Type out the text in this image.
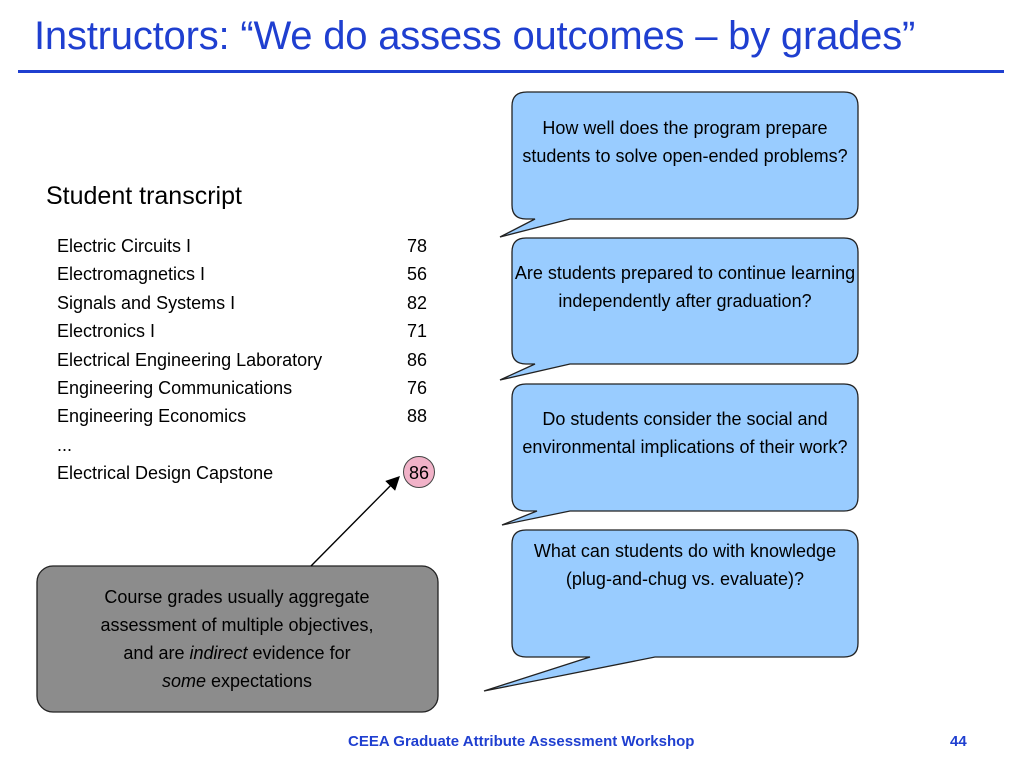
Instructors: “We do assess outcomes – by grades”
Student transcript
Electric Circuits I	78
Electromagnetics I	56
Signals and Systems I	82
Electronics I	71
Electrical Engineering Laboratory	86
Engineering Communications	76
Engineering Economics	88
...
Electrical Design Capstone	86
How well does the program prepare students to solve open-ended problems?
Are students prepared to continue learning independently after graduation?
Do students consider the social and environmental implications of their work?
What can students do with knowledge (plug-and-chug vs. evaluate)?
Course grades usually aggregate
assessment of multiple objectives,
and are indirect evidence for
some expectations
CEEA Graduate Attribute Assessment Workshop	44
